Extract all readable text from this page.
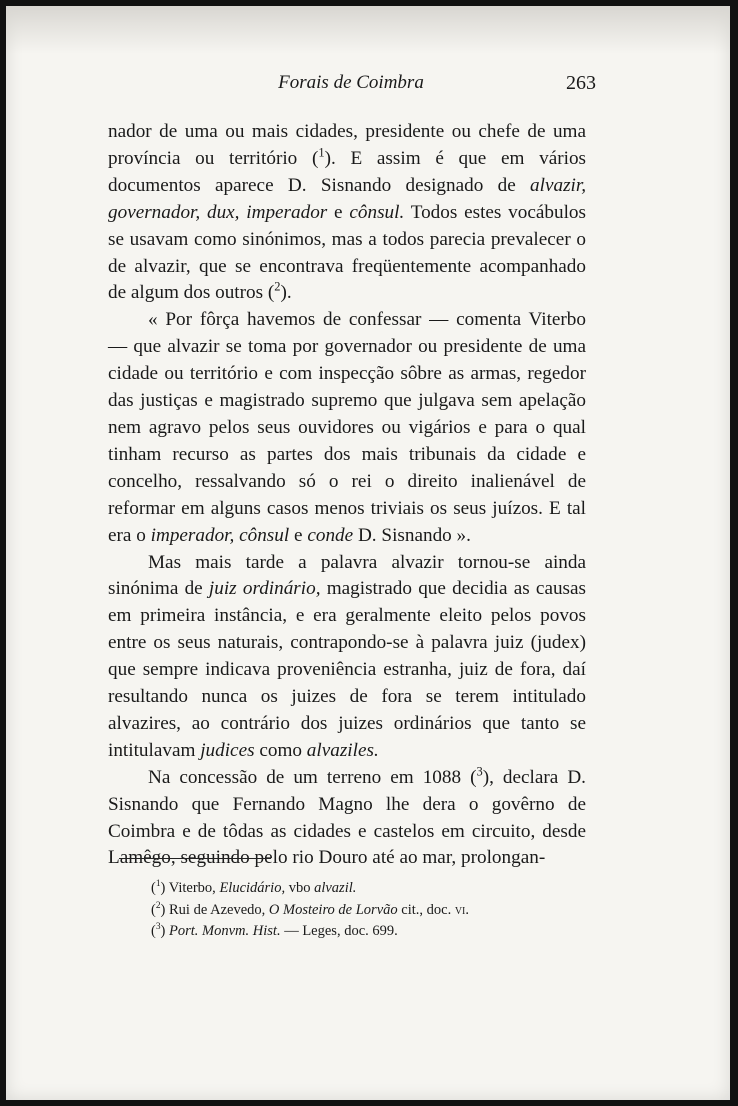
Forais de Coimbra	263

nador de uma ou mais cidades, presidente ou chefe de uma província ou território ($^1$). E assim é que em vários documentos aparece D. Sisnando designado de alvazir, governador, dux, imperador e cônsul. Todos estes vocábulos se usavam como sinónimos, mas a todos parecia prevalecer o de alvazir, que se encontrava freqüentemente acompanhado de algum dos outros ($^2$).

« Por fôrça havemos de confessar — comenta Viterbo — que alvazir se toma por governador ou presidente de uma cidade ou território e com inspecção sôbre as armas, regedor das justiças e magistrado supremo que julgava sem apelação nem agravo pelos seus ouvidores ou vigários e para o qual tinham recurso as partes dos mais tribunais da cidade e concelho, ressalvando só o rei o direito inalienável de reformar em alguns casos menos triviais os seus juízos. E tal era o imperador, cônsul e conde D. Sisnando ».

Mas mais tarde a palavra alvazir tornou-se ainda sinónima de juiz ordinário, magistrado que decidia as causas em primeira instância, e era geralmente eleito pelos povos entre os seus naturais, contrapondo-se à palavra juiz (judex) que sempre indicava proveniência estranha, juiz de fora, daí resultando nunca os juizes de fora se terem intitulado alvazires, ao contrário dos juizes ordinários que tanto se intitulavam judices como alvaziles.

Na concessão de um terreno em 1088 ($^3$), declara D. Sisnando que Fernando Magno lhe dera o govêrno de Coimbra e de tôdas as cidades e castelos em circuito, desde Lamêgo, seguindo pelo rio Douro até ao mar, prolongan-

($^1$) Viterbo, Elucidário, vbo alvazil.
($^2$) Rui de Azevedo, O Mosteiro de Lorvão cit., doc. vi.
($^3$) Port. Monvm. Hist. — Leges, doc. 699.
